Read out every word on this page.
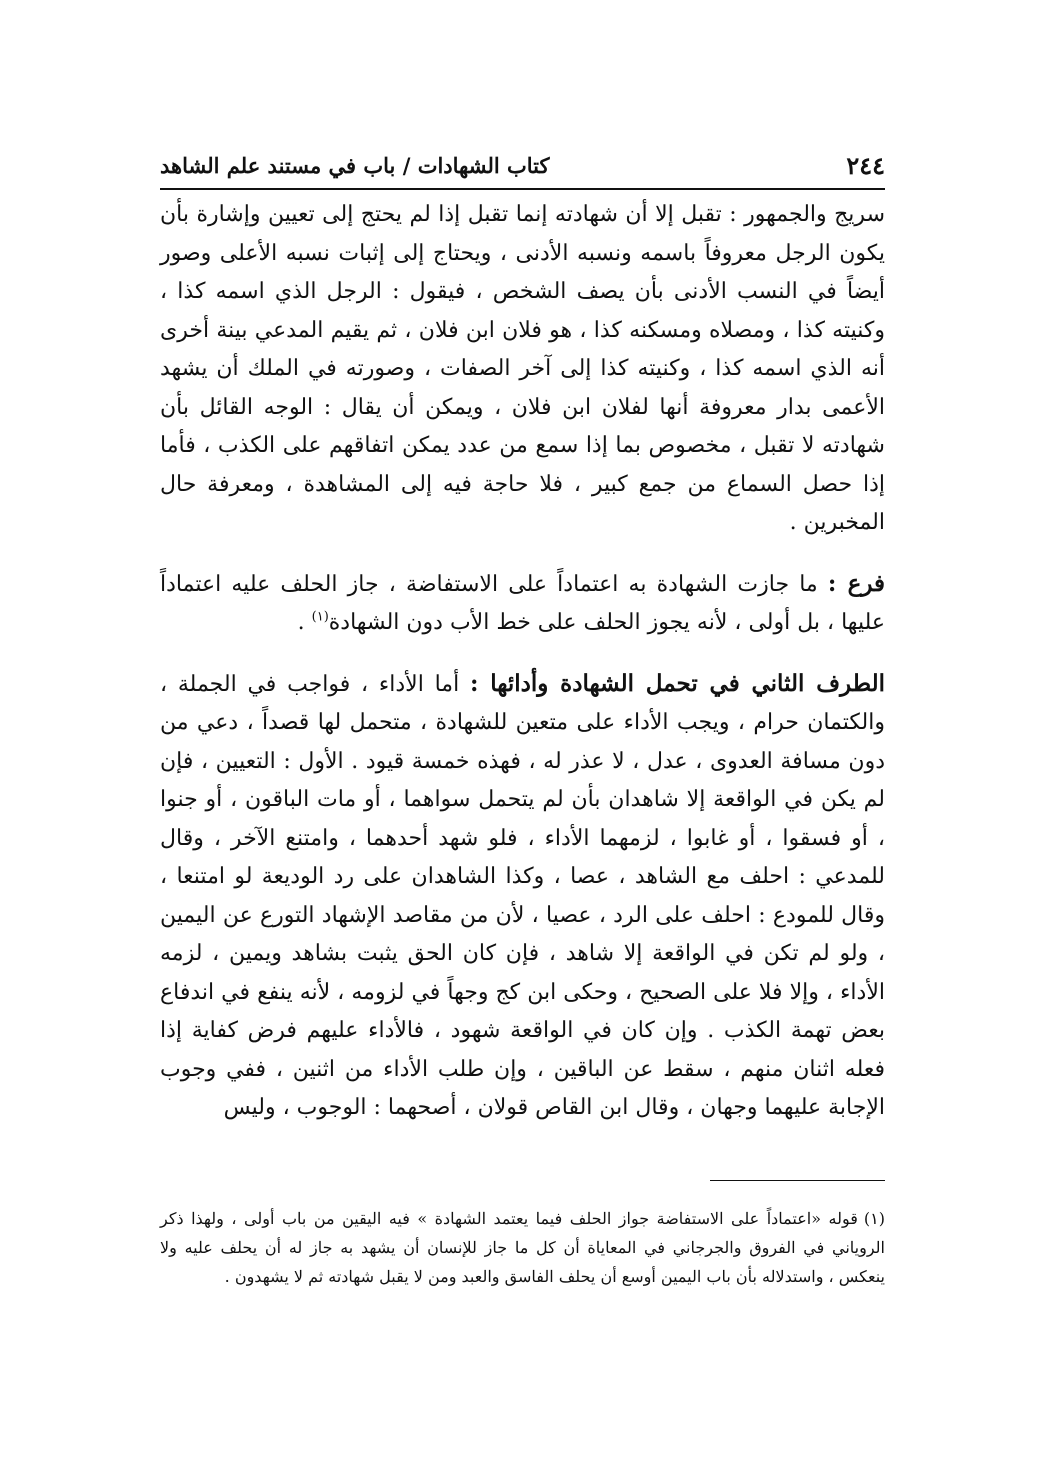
٢٤٤
كتاب الشهادات / باب في مستند علم الشاهد

سريج والجمهور : تقبل إلا أن شهادته إنما تقبل إذا لم يحتج إلى تعيين وإشارة بأن يكون الرجل معروفاً باسمه ونسبه الأدنى ، ويحتاج إلى إثبات نسبه الأعلى وصور أيضاً في النسب الأدنى بأن يصف الشخص ، فيقول : الرجل الذي اسمه كذا ، وكنيته كذا ، ومصلاه ومسكنه كذا ، هو فلان ابن فلان ، ثم يقيم المدعي بينة أخرى أنه الذي اسمه كذا ، وكنيته كذا إلى آخر الصفات ، وصورته في الملك أن يشهد الأعمى بدار معروفة أنها لفلان ابن فلان ، ويمكن أن يقال : الوجه القائل بأن شهادته لا تقبل ، مخصوص بما إذا سمع من عدد يمكن اتفاقهم على الكذب ، فأما إذا حصل السماع من جمع كبير ، فلا حاجة فيه إلى المشاهدة ، ومعرفة حال المخبرين .

فرع : ما جازت الشهادة به اعتماداً على الاستفاضة ، جاز الحلف عليه اعتماداً عليها ، بل أولى ، لأنه يجوز الحلف على خط الأب دون الشهادة$^{(١)}$ .

الطرف الثاني في تحمل الشهادة وأدائها : أما الأداء ، فواجب في الجملة ، والكتمان حرام ، ويجب الأداء على متعين للشهادة ، متحمل لها قصداً ، دعي من دون مسافة العدوى ، عدل ، لا عذر له ، فهذه خمسة قيود . الأول : التعيين ، فإن لم يكن في الواقعة إلا شاهدان بأن لم يتحمل سواهما ، أو مات الباقون ، أو جنوا ، أو فسقوا ، أو غابوا ، لزمهما الأداء ، فلو شهد أحدهما ، وامتنع الآخر ، وقال للمدعي : احلف مع الشاهد ، عصا ، وكذا الشاهدان على رد الوديعة لو امتنعا ، وقال للمودع : احلف على الرد ، عصيا ، لأن من مقاصد الإشهاد التورع عن اليمين ، ولو لم تكن في الواقعة إلا شاهد ، فإن كان الحق يثبت بشاهد ويمين ، لزمه الأداء ، وإلا فلا على الصحيح ، وحكى ابن كج وجهاً في لزومه ، لأنه ينفع في اندفاع بعض تهمة الكذب . وإن كان في الواقعة شهود ، فالأداء عليهم فرض كفاية إذا فعله اثنان منهم ، سقط عن الباقين ، وإن طلب الأداء من اثنين ، ففي وجوب الإجابة عليهما وجهان ، وقال ابن القاص قولان ، أصحهما : الوجوب ، وليس

(١)قوله «اعتماداً على الاستفاضة جواز الحلف فيما يعتمد الشهادة » فيه اليقين من باب أولى ، ولهذا ذكر الروياني في الفروق والجرجاني في المعاياة أن كل ما جاز للإنسان أن يشهد به جاز له أن يحلف عليه ولا ينعكس ، واستدلاله بأن باب اليمين أوسع أن يحلف الفاسق والعبد ومن لا يقبل شهادته ثم لا يشهدون .
